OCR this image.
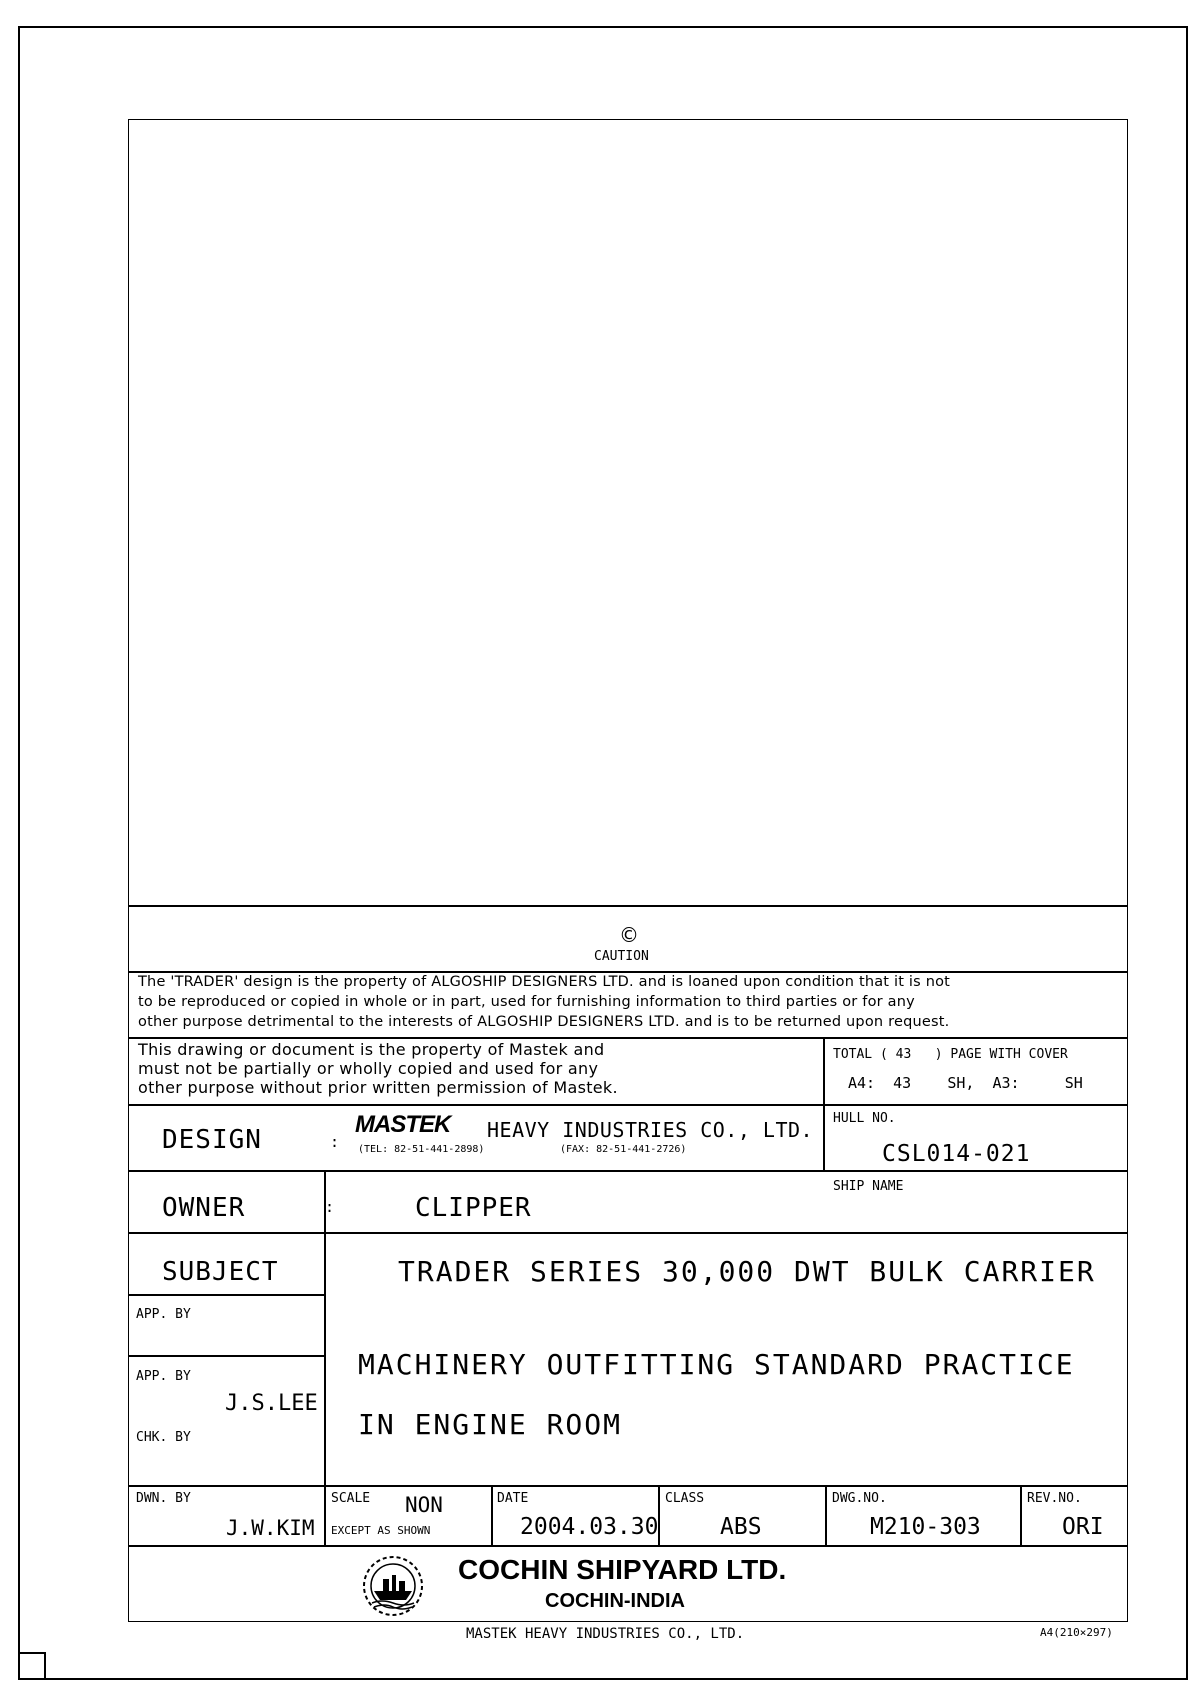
©
CAUTION
The 'TRADER' design is the property of ALGOSHIP DESIGNERS LTD. and is loaned upon condition that it is not
to be reproduced or copied in whole or in part, used for furnishing information to third parties or for any
other purpose detrimental to the interests of ALGOSHIP DESIGNERS LTD. and is to be returned upon request.
This drawing or document is the property of Mastek and
must not be partially or wholly copied and used for any
other purpose without prior written permission of Mastek.
TOTAL ( 43   ) PAGE WITH COVER
A4:  43    SH,  A3:     SH
DESIGN	:
MASTEK HEAVY INDUSTRIES CO., LTD.
(TEL: 82-51-441-2898)	(FAX: 82-51-441-2726)
HULL NO.
CSL014-021
OWNER	:	CLIPPER
SHIP NAME
SUBJECT	TRADER SERIES 30,000 DWT BULK CARRIER
APP. BY
APP. BY
J.S.LEE
CHK. BY
MACHINERY OUTFITTING STANDARD PRACTICE
IN ENGINE ROOM
DWN. BY
J.W.KIM
SCALE NON
EXCEPT AS SHOWN
DATE
2004.03.30
CLASS
ABS
DWG.NO.
M210-303
REV.NO.
ORI
COCHIN SHIPYARD LTD.
COCHIN-INDIA
MASTEK HEAVY INDUSTRIES CO., LTD.	A4(210×297)
